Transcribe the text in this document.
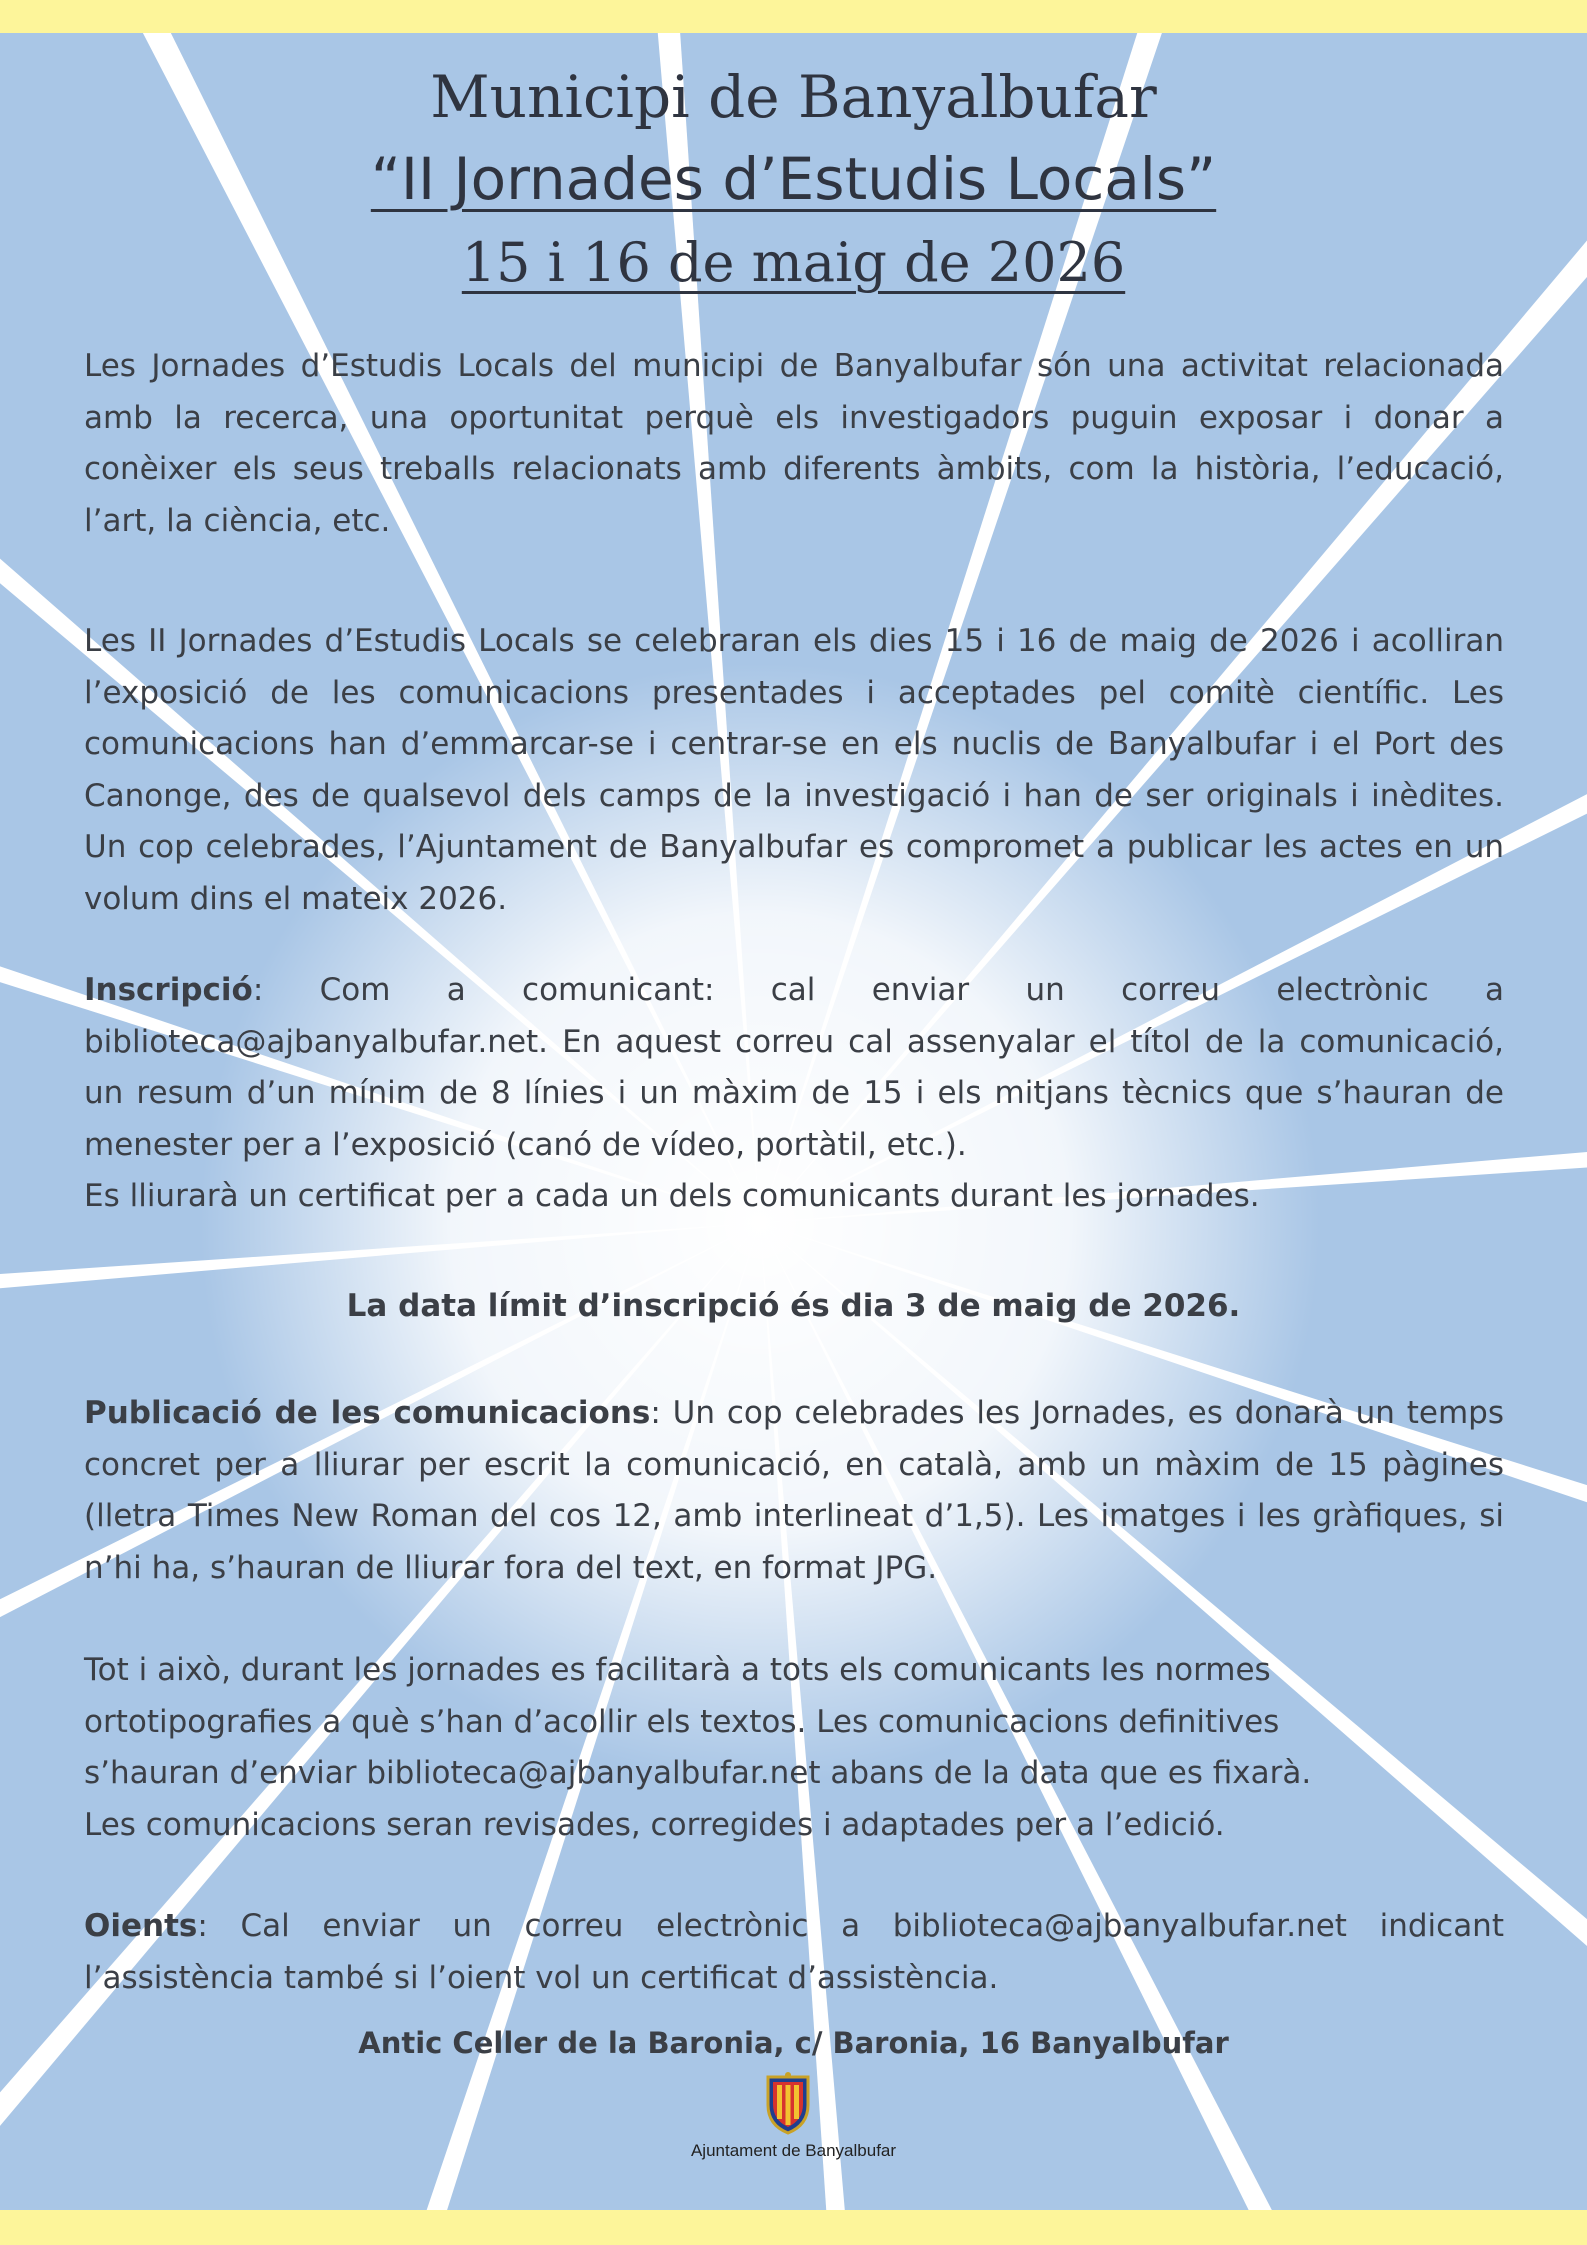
Municipi de Banyalbufar
“II Jornades d’Estudis Locals”
15 i 16 de maig de 2026

Les Jornades d’Estudis Locals del municipi de Banyalbufar són una activitat relacionada amb la recerca, una oportunitat perquè els investigadors puguin exposar i donar a conèixer els seus treballs relacionats amb diferents àmbits, com la història, l’educació, l’art, la ciència, etc.

Les II Jornades d’Estudis Locals se celebraran els dies 15 i 16 de maig de 2026 i acolliran l’exposició de les comunicacions presentades i acceptades pel comitè científic. Les comunicacions han d’emmarcar-se i centrar-se en els nuclis de Banyalbufar i el Port des Canonge, des de qualsevol dels camps de la investigació i han de ser originals i inèdites. Un cop celebrades, l’Ajuntament de Banyalbufar es compromet a publicar les actes en un volum dins el mateix 2026.

Inscripció: Com a comunicant: cal enviar un correu electrònic a biblioteca@ajbanyalbufar.net. En aquest correu cal assenyalar el títol de la comunicació, un resum d’un mínim de 8 línies i un màxim de 15 i els mitjans tècnics que s’hauran de menester per a l’exposició (canó de vídeo, portàtil, etc.).

Es lliurarà un certificat per a cada un dels comunicants durant les jornades.

La data límit d’inscripció és dia 3 de maig de 2026.

Publicació de les comunicacions: Un cop celebrades les Jornades, es donarà un temps concret per a lliurar per escrit la comunicació, en català, amb un màxim de 15 pàgines (lletra Times New Roman del cos 12, amb interlineat d’1,5). Les imatges i les gràfiques, si n’hi ha, s’hauran de lliurar fora del text, en format JPG.

Tot i això, durant les jornades es facilitarà a tots els comunicants les normes
ortotipografies a què s’han d’acollir els textos. Les comunicacions definitives
s’hauran d’enviar biblioteca@ajbanyalbufar.net abans de la data que es fixarà.
Les comunicacions seran revisades, corregides i adaptades per a l’edició.

Oients: Cal enviar un correu electrònic a biblioteca@ajbanyalbufar.net indicant l’assistència també si l’oient vol un certificat d’assistència.

Antic Celler de la Baronia, c/ Baronia, 16 Banyalbufar

Ajuntament de Banyalbufar
